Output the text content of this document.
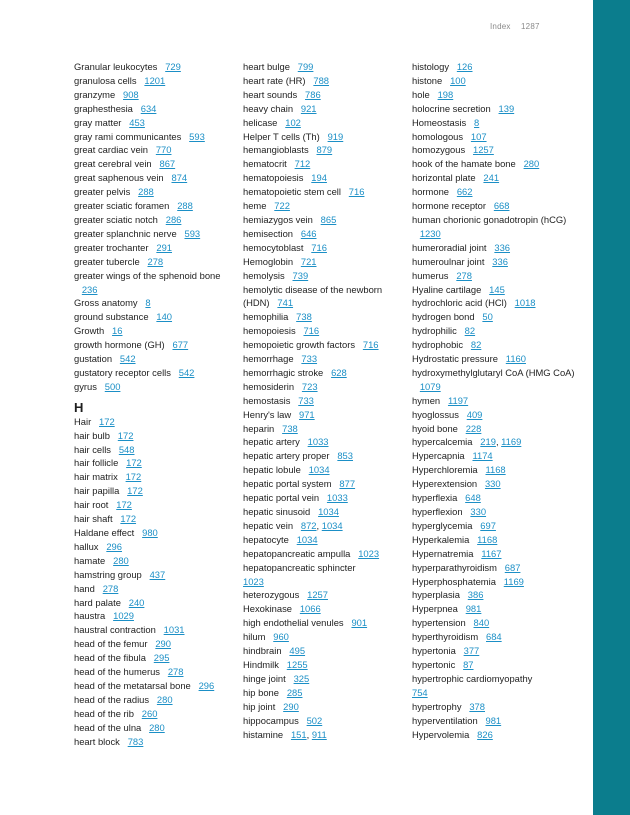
Index 1287
Granular leukocytes 729
granulosa cells 1201
granzyme 908
graphesthesia 634
gray matter 453
gray rami communicantes 593
great cardiac vein 770
great cerebral vein 867
great saphenous vein 874
greater pelvis 288
greater sciatic foramen 288
greater sciatic notch 286
greater splanchnic nerve 593
greater trochanter 291
greater tubercle 278
greater wings of the sphenoid bone   236
Gross anatomy 8
ground substance 140
Growth 16
growth hormone (GH) 677
gustation 542
gustatory receptor cells 542
gyrus 500
H
Hair 172
hair bulb 172
hair cells 548
hair follicle 172
hair matrix 172
hair papilla 172
hair root 172
hair shaft 172
Haldane effect 980
hallux 296
hamate 280
hamstring group 437
hand 278
hard palate 240
haustra 1029
haustral contraction 1031
head of the femur 290
head of the fibula 295
head of the humerus 278
head of the metatarsal bone 296
head of the radius 280
head of the rib 260
head of the ulna 280
heart block 783
heart bulge 799
heart rate (HR) 788
heart sounds 786
heavy chain 921
helicase 102
Helper T cells (Th) 919
hemangioblasts 879
hematocrit 712
hematopoiesis 194
hematopoietic stem cell 716
heme 722
hemiazygos vein 865
hemisection 646
hemocytoblast 716
Hemoglobin 721
hemolysis 739
hemolytic disease of the newborn (HDN) 741
hemophilia 738
hemopoiesis 716
hemopoietic growth factors 716
hemorrhage 733
hemorrhagic stroke 628
hemosiderin 723
hemostasis 733
Henry's law 971
heparin 738
hepatic artery 1033
hepatic artery proper 853
hepatic lobule 1034
hepatic portal system 877
hepatic portal vein 1033
hepatic sinusoid 1034
hepatic vein 872, 1034
hepatocyte 1034
hepatopancreatic ampulla 1023
hepatopancreatic sphincter
1023
heterozygous 1257
Hexokinase 1066
high endothelial venules 901
hilum 960
hindbrain 495
Hindmilk 1255
hinge joint 325
hip bone 285
hip joint 290
hippocampus 502
histamine 151, 911
histology 126
histone 100
hole 198
holocrine secretion 139
Homeostasis 8
homologous 107
homozygous 1257
hook of the hamate bone 280
horizontal plate 241
hormone 662
hormone receptor 668
human chorionic gonadotropin (hCG)   1230
humeroradial joint 336
humeroulnar joint 336
humerus 278
Hyaline cartilage 145
hydrochloric acid (HCl) 1018
hydrogen bond 50
hydrophilic 82
hydrophobic 82
Hydrostatic pressure 1160
hydroxymethylglutaryl CoA (HMG CoA)   1079
hymen 1197
hyoglossus 409
hyoid bone 228
hypercalcemia 219, 1169
Hypercapnia 1174
Hyperchloremia 1168
Hyperextension 330
hyperflexia 648
hyperflexion 330
hyperglycemia 697
Hyperkalemia 1168
Hypernatremia 1167
hyperparathyroidism 687
Hyperphosphatemia 1169
hyperplasia 386
Hyperpnea 981
hypertension 840
hyperthyroidism 684
hypertonia 377
hypertonic 87
hypertrophic cardiomyopathy
754
hypertrophy 378
hyperventilation 981
Hypervolemia 826
